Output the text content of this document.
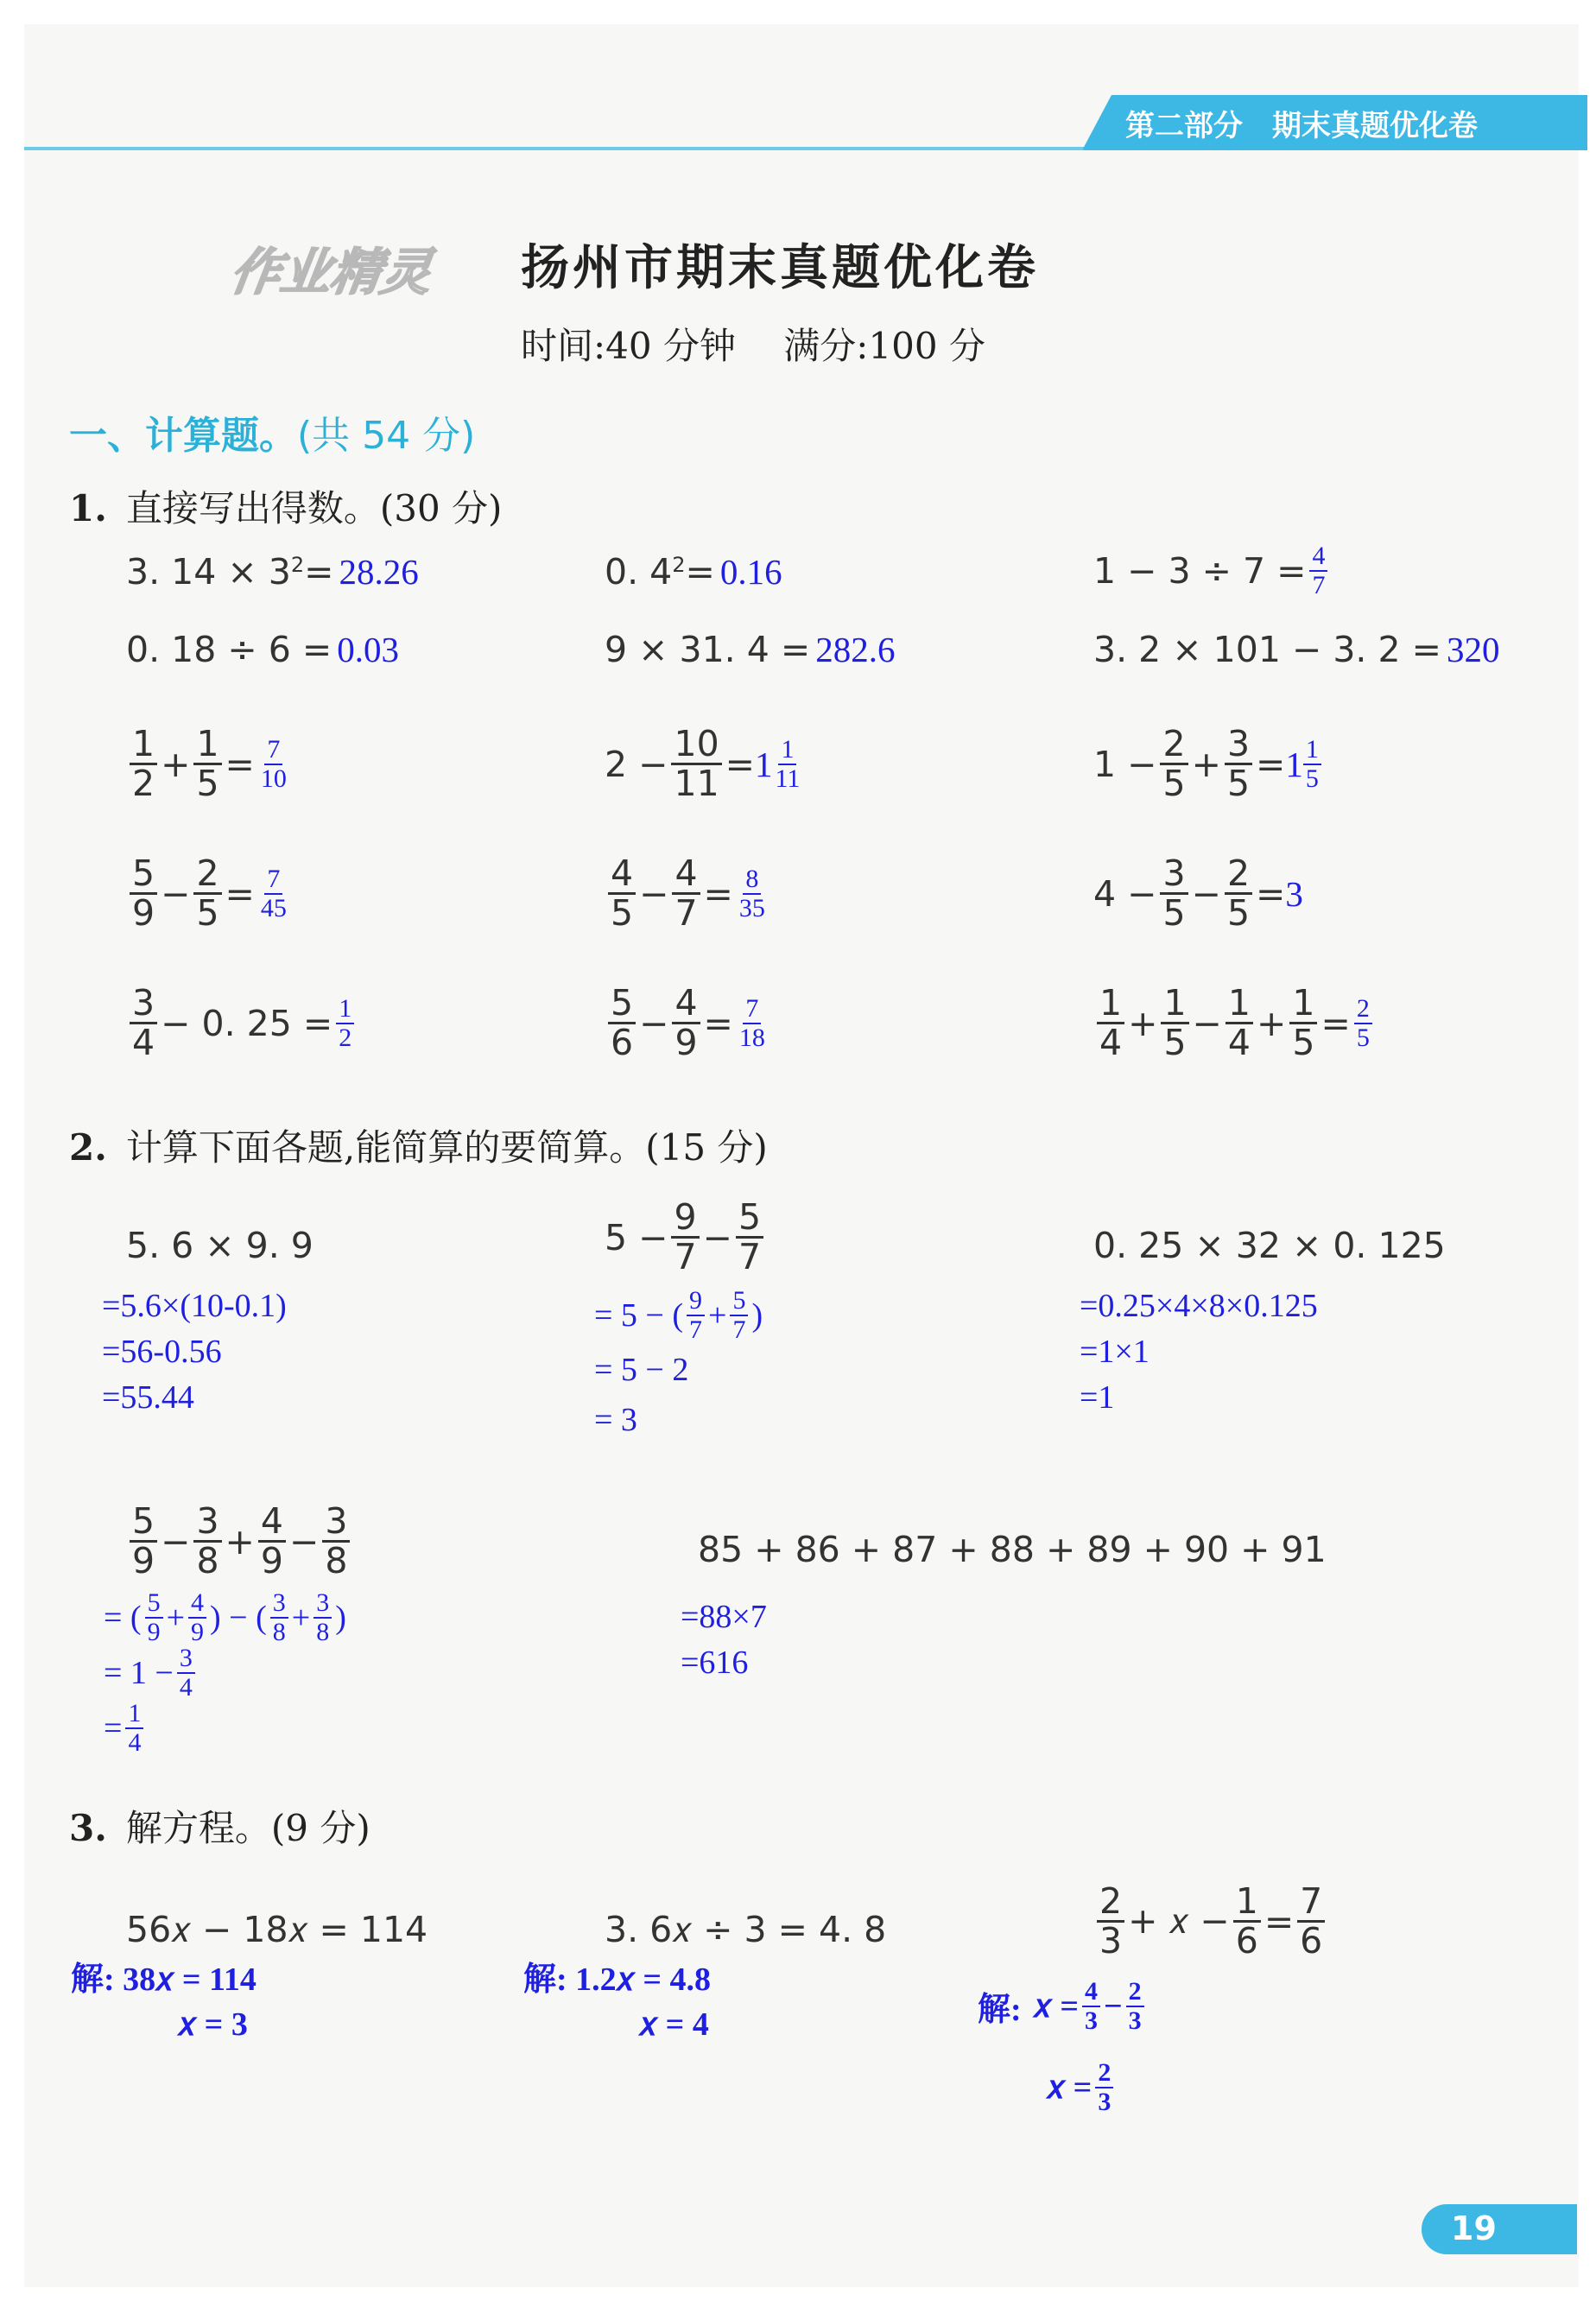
第二部分　期末真题优化卷
作业精灵 扬州市期末真题优化卷
时间:40 分钟　 满分:100 分
一、计算题。(共 54 分)
1. 直接写出得数。(30 分)
3. $14 \times 3^2 = 28.26$	0. $4^2 = 0.16$	$1 - 3 \div 7 = \frac{4}{7}$
0. 18 ÷ 6 = 0.03	9 × 31. 4 = 282.6	3. 2 × 101 − 3. 2 = 320
$\frac{1}{2} + \frac{1}{5} = \frac{7}{10}$	$2 - \frac{10}{11} = 1 \frac{1}{11}$	$1 - \frac{2}{5} + \frac{3}{5} = 1 \frac{1}{5}$
$\frac{5}{9} - \frac{2}{5} = \frac{7}{45}$	$\frac{4}{5} - \frac{4}{7} = \frac{8}{35}$	$4 - \frac{3}{5} - \frac{2}{5} = 3$
$\frac{3}{4} - 0$. $25 = \frac{1}{2}$	$\frac{5}{6} - \frac{4}{9} = \frac{7}{18}$	$\frac{1}{4} + \frac{1}{5} - \frac{1}{4} + \frac{1}{5} = \frac{2}{5}$
2. 计算下面各题,能简算的要简算。(15 分)
5. 6 × 9. 9
=5.6×(10-0.1)
=56-0.56
=55.44
$5 - \frac{9}{7} - \frac{5}{7}$
= 5 − ( $\frac{9}{7} + \frac{5}{7}$ )
= 5 − 2
= 3
0. 25 × 32 × 0. 125
=0.25×4×8×0.125
=1×1
=1
$\frac{5}{9} - \frac{3}{8} + \frac{4}{9} - \frac{3}{8}$
= ( $\frac{5}{9} + \frac{4}{9}$ ) − ( $\frac{3}{8} + \frac{3}{8}$ )
= $1 - \frac{3}{4}$
= $\frac{1}{4}$
85 + 86 + 87 + 88 + 89 + 90 + 91
=88×7
=616
3. 解方程。(9 分)
56𝑥 − 18𝑥 = 114
解: 38𝑥 = 114
𝑥 = 3
3. 6𝑥 ÷ 3 = 4. 8
解: 1.2𝑥 = 4.8
𝑥 = 4
$\frac{2}{3}$ + 𝑥 − $\frac{1}{6} = \frac{7}{6}$
解: 𝑥 = $\frac{4}{3} - \frac{2}{3}$
𝑥 = $\frac{2}{3}$
19
